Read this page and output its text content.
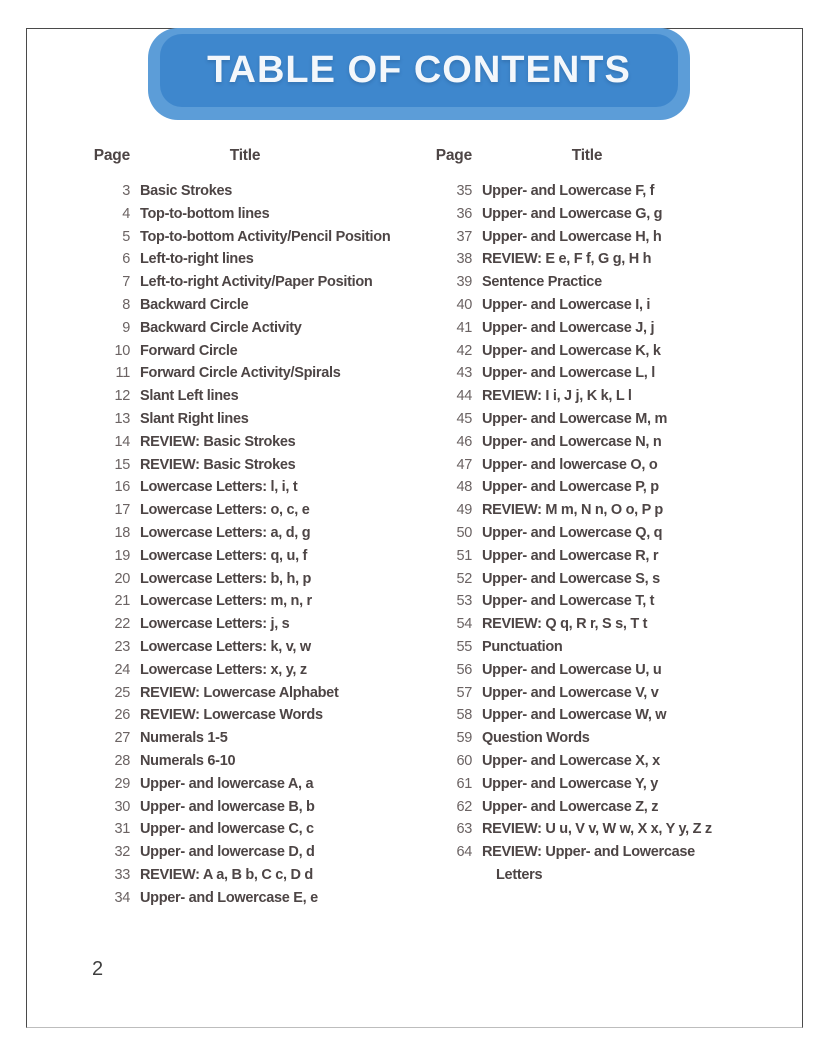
TABLE OF CONTENTS
Page	Title
3 Basic Strokes
4 Top-to-bottom lines
5 Top-to-bottom Activity/Pencil Position
6 Left-to-right lines
7 Left-to-right Activity/Paper Position
8 Backward Circle
9 Backward Circle Activity
10 Forward Circle
11 Forward Circle Activity/Spirals
12 Slant Left lines
13 Slant Right lines
14 REVIEW: Basic Strokes
15 REVIEW: Basic Strokes
16 Lowercase Letters: l, i, t
17 Lowercase Letters: o, c, e
18 Lowercase Letters: a, d, g
19 Lowercase Letters: q, u, f
20 Lowercase Letters: b, h, p
21 Lowercase Letters: m, n, r
22 Lowercase Letters: j, s
23 Lowercase Letters: k, v, w
24 Lowercase Letters: x, y, z
25 REVIEW: Lowercase Alphabet
26 REVIEW: Lowercase Words
27 Numerals 1-5
28 Numerals 6-10
29 Upper- and lowercase A, a
30 Upper- and lowercase B, b
31 Upper- and lowercase C, c
32 Upper- and lowercase D, d
33 REVIEW: A a, B b, C c, D d
34 Upper- and Lowercase E, e
Page	Title
35 Upper- and Lowercase F, f
36 Upper- and Lowercase G, g
37 Upper- and Lowercase H, h
38 REVIEW: E e, F f, G g, H h
39 Sentence Practice
40 Upper- and Lowercase I, i
41 Upper- and Lowercase J, j
42 Upper- and Lowercase K, k
43 Upper- and Lowercase L, l
44 REVIEW: I i, J j, K k, L l
45 Upper- and Lowercase M, m
46 Upper- and Lowercase N, n
47 Upper- and lowercase O, o
48 Upper- and Lowercase P, p
49 REVIEW: M m, N n, O o, P p
50 Upper- and Lowercase Q, q
51 Upper- and Lowercase R, r
52 Upper- and Lowercase S, s
53 Upper- and Lowercase T, t
54 REVIEW: Q q, R r, S s, T t
55 Punctuation
56 Upper- and Lowercase U, u
57 Upper- and Lowercase V, v
58 Upper- and Lowercase W, w
59 Question Words
60 Upper- and Lowercase X, x
61 Upper- and Lowercase Y, y
62 Upper- and Lowercase Z, z
63 REVIEW: U u, V v, W w, X x, Y y, Z z
64 REVIEW: Upper- and Lowercase
Letters
2
